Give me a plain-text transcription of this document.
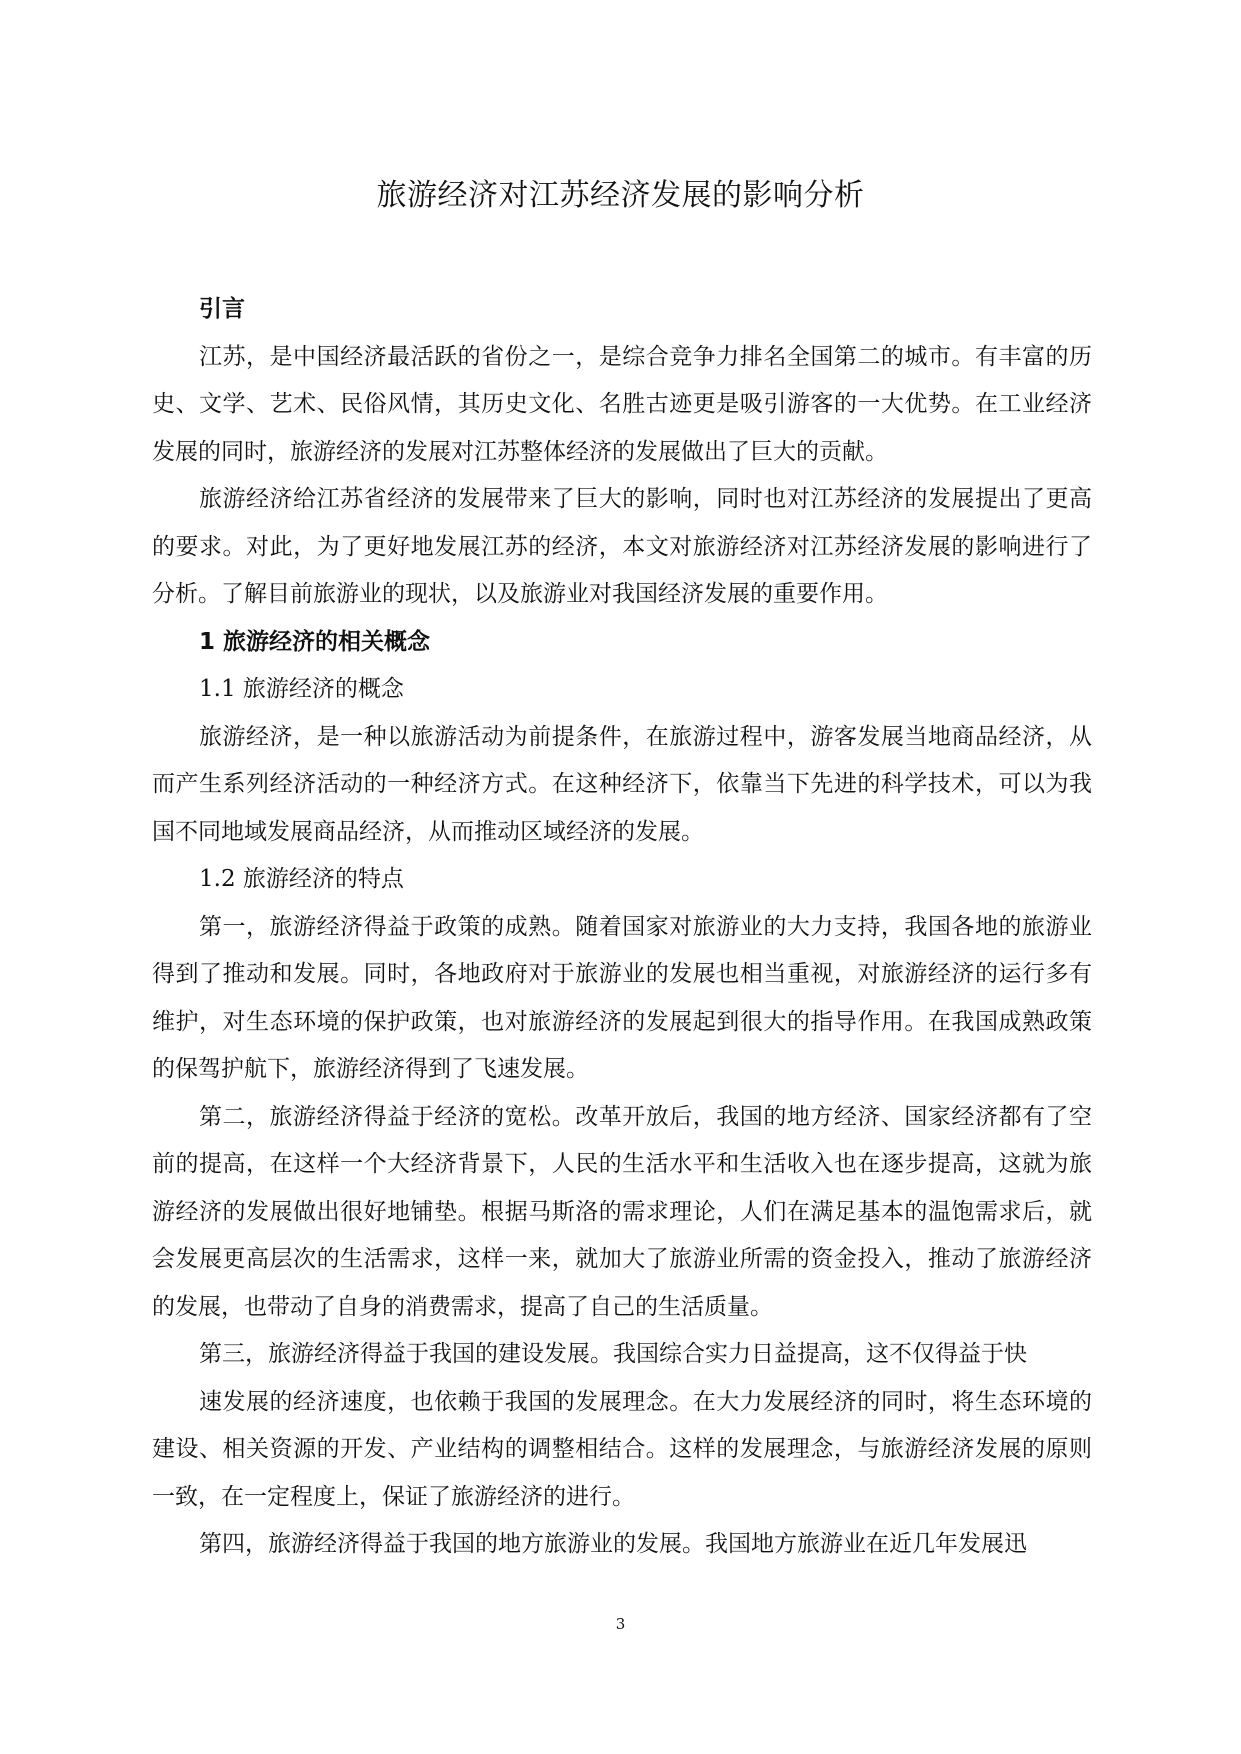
旅游经济对江苏经济发展的影响分析
引言

江苏，是中国经济最活跃的省份之一，是综合竞争力排名全国第二的城市。有丰富的历史、文学、艺术、民俗风情，其历史文化、名胜古迹更是吸引游客的一大优势。在工业经济发展的同时，旅游经济的发展对江苏整体经济的发展做出了巨大的贡献。

旅游经济给江苏省经济的发展带来了巨大的影响，同时也对江苏经济的发展提出了更高的要求。对此，为了更好地发展江苏的经济，本文对旅游经济对江苏经济发展的影响进行了分析。了解目前旅游业的现状，以及旅游业对我国经济发展的重要作用。

1 旅游经济的相关概念
1.1 旅游经济的概念

旅游经济，是一种以旅游活动为前提条件，在旅游过程中，游客发展当地商品经济，从而产生系列经济活动的一种经济方式。在这种经济下，依靠当下先进的科学技术，可以为我国不同地域发展商品经济，从而推动区域经济的发展。

1.2 旅游经济的特点

第一，旅游经济得益于政策的成熟。随着国家对旅游业的大力支持，我国各地的旅游业得到了推动和发展。同时，各地政府对于旅游业的发展也相当重视，对旅游经济的运行多有维护，对生态环境的保护政策，也对旅游经济的发展起到很大的指导作用。在我国成熟政策的保驾护航下，旅游经济得到了飞速发展。

第二，旅游经济得益于经济的宽松。改革开放后，我国的地方经济、国家经济都有了空前的提高，在这样一个大经济背景下，人民的生活水平和生活收入也在逐步提高，这就为旅游经济的发展做出很好地铺垫。根据马斯洛的需求理论，人们在满足基本的温饱需求后，就会发展更高层次的生活需求，这样一来，就加大了旅游业所需的资金投入，推动了旅游经济的发展，也带动了自身的消费需求，提高了自己的生活质量。

第三，旅游经济得益于我国的建设发展。我国综合实力日益提高，这不仅得益于快

速发展的经济速度，也依赖于我国的发展理念。在大力发展经济的同时，将生态环境的建设、相关资源的开发、产业结构的调整相结合。这样的发展理念，与旅游经济发展的原则一致，在一定程度上，保证了旅游经济的进行。

第四，旅游经济得益于我国的地方旅游业的发展。我国地方旅游业在近几年发展迅

3
